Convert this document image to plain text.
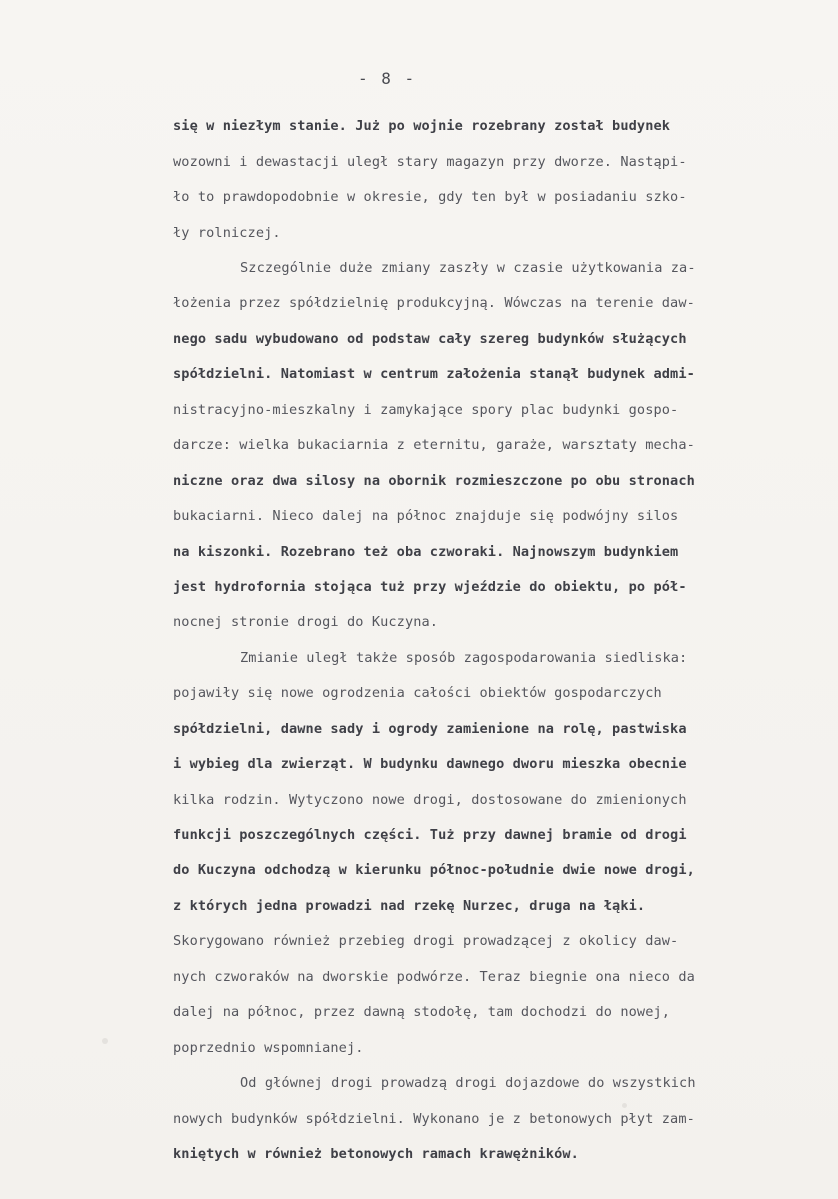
- 8 -
się w niezłym stanie. Już po wojnie rozebrany został budynek
wozowni i dewastacji uległ stary magazyn przy dworze. Nastąpi-
ło to prawdopodobnie w okresie, gdy ten był w posiadaniu szko-
ły rolniczej.
Szczególnie duże zmiany zaszły w czasie użytkowania za-
łożenia przez spółdzielnię produkcyjną. Wówczas na terenie daw-
nego sadu wybudowano od podstaw cały szereg budynków służących
spółdzielni. Natomiast w centrum założenia stanął budynek admi-
nistracyjno-mieszkalny i zamykające spory plac budynki gospo-
darcze: wielka bukaciarnia z eternitu, garaże, warsztaty mecha-
niczne oraz dwa silosy na obornik rozmieszczone po obu stronach
bukaciarni. Nieco dalej na północ znajduje się podwójny silos
na kiszonki. Rozebrano też oba czworaki. Najnowszym budynkiem
jest hydrofornia stojąca tuż przy wjeździe do obiektu, po pół-
nocnej stronie drogi do Kuczyna.
Zmianie uległ także sposób zagospodarowania siedliska:
pojawiły się nowe ogrodzenia całości obiektów gospodarczych
spółdzielni, dawne sady i ogrody zamienione na rolę, pastwiska
i wybieg dla zwierząt. W budynku dawnego dworu mieszka obecnie
kilka rodzin. Wytyczono nowe drogi, dostosowane do zmienionych
funkcji poszczególnych części. Tuż przy dawnej bramie od drogi
do Kuczyna odchodzą w kierunku północ-południe dwie nowe drogi,
z których jedna prowadzi nad rzekę Nurzec, druga na łąki.
Skorygowano również przebieg drogi prowadzącej z okolicy daw-
nych czworaków na dworskie podwórze. Teraz biegnie ona nieco da
dalej na północ, przez dawną stodołę, tam dochodzi do nowej,
poprzednio wspomnianej.
Od głównej drogi prowadzą drogi dojazdowe do wszystkich
nowych budynków spółdzielni. Wykonano je z betonowych płyt zam-
kniętych w również betonowych ramach krawężników.
